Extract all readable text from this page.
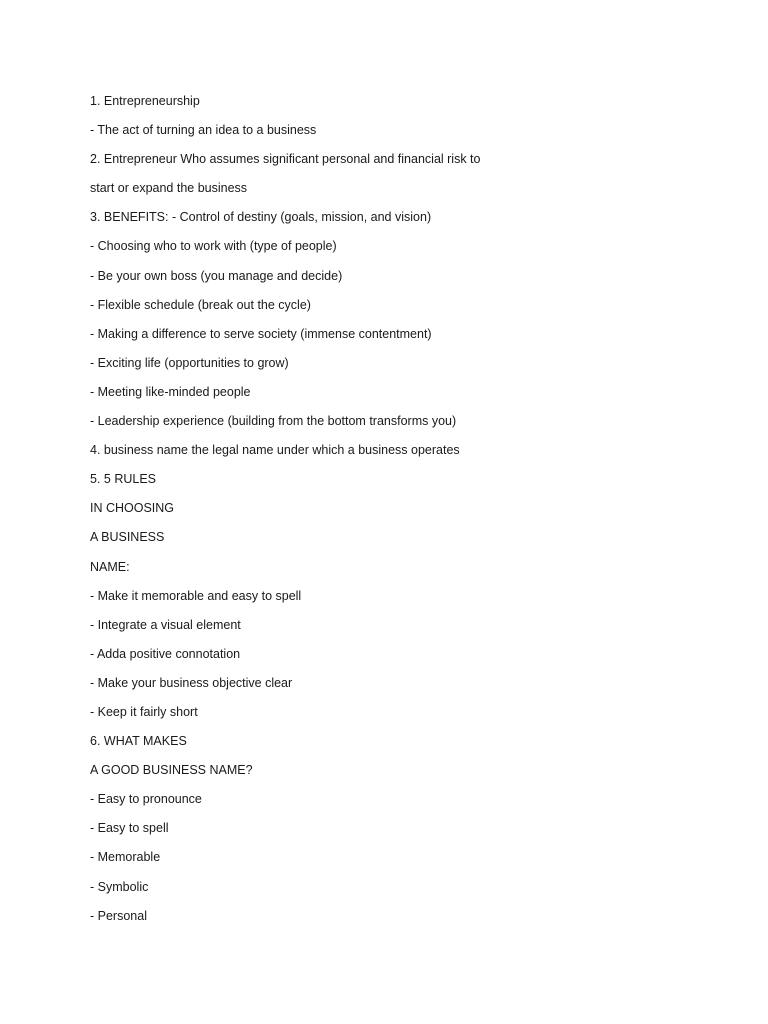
1. Entrepreneurship
- The act of turning an idea to a business
2. Entrepreneur Who assumes significant personal and financial risk to
start or expand the business
3. BENEFITS: - Control of destiny (goals, mission, and vision)
- Choosing who to work with (type of people)
- Be your own boss (you manage and decide)
- Flexible schedule (break out the cycle)
- Making a difference to serve society (immense contentment)
- Exciting life (opportunities to grow)
- Meeting like-minded people
- Leadership experience (building from the bottom transforms you)
4. business name the legal name under which a business operates
5. 5 RULES
IN CHOOSING
A BUSINESS
NAME:
- Make it memorable and easy to spell
- Integrate a visual element
- Adda positive connotation
- Make your business objective clear
- Keep it fairly short
6. WHAT MAKES
A GOOD BUSINESS NAME?
- Easy to pronounce
- Easy to spell
- Memorable
- Symbolic
- Personal
